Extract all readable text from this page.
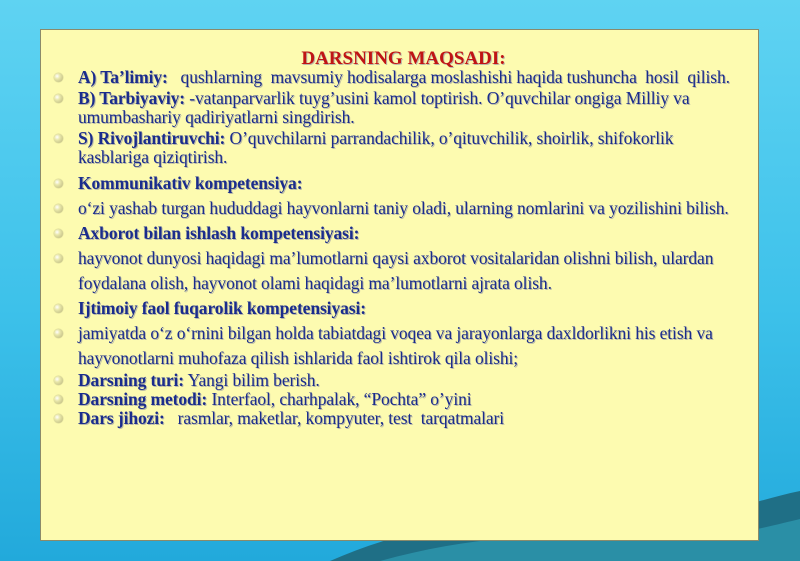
DARSNING MAQSADI:
A) Ta’limiy:   qushlarning  mavsumiy hodisalarga moslashishi haqida tushuncha  hosil  qilish.
B) Tarbiyaviy: -vatanparvarlik tuyg’usini kamol toptirish. O’quvchilar ongiga Milliy va umumbashariy qadiriyatlarni singdirish.
S) Rivojlantiruvchi: O’quvchilarni parrandachilik, o’qituvchilik, shoirlik, shifokorlik kasblariga qiziqtirish.
Kommunikativ kompetensiya:
o‘zi yashab turgan hududdagi hayvonlarni taniy oladi, ularning nomlarini va yozilishini bilish.
Axborot bilan ishlash kompetensiyasi:
hayvonot dunyosi haqidagi ma’lumotlarni qaysi axborot vositalaridan olishni bilish, ulardan foydalana olish, hayvonot olami haqidagi ma’lumotlarni ajrata olish.
Ijtimoiy faol fuqarolik kompetensiyasi:
jamiyatda o‘z o‘rnini bilgan holda tabiatdagi voqea va jarayonlarga daxldorlikni his etish va hayvonotlarni muhofaza qilish ishlarida faol ishtirok qila olishi;
Darsning turi: Yangi bilim berish.
Darsning metodi: Interfaol, charhpalak, “Pochta” o’yini
Dars jihozi:   rasmlar, maketlar, kompyuter, test  tarqatmalari
